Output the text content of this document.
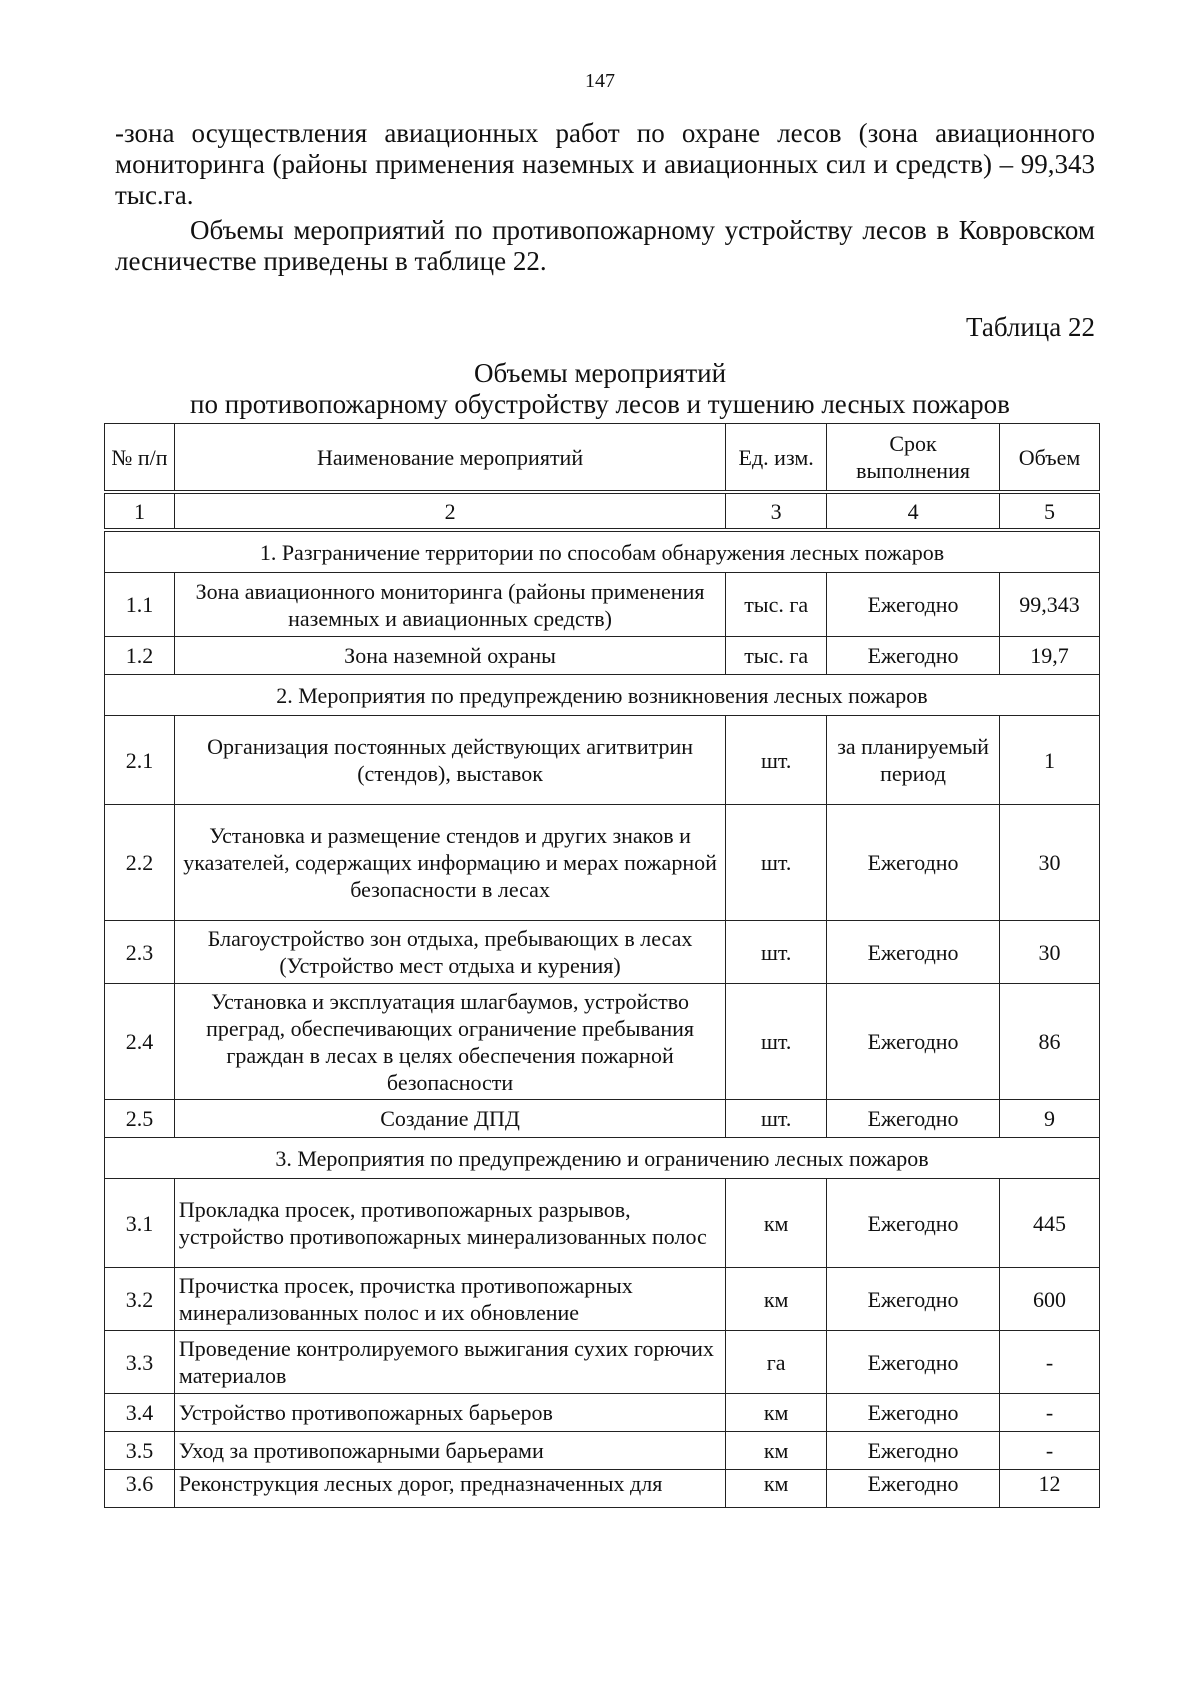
147

-зона осуществления авиационных работ по охране лесов (зона авиационного мониторинга (районы применения наземных и авиационных сил и средств) – 99,343 тыс.га.

Объемы мероприятий по противопожарному устройству лесов в Ковровском лесничестве приведены в таблице 22.

Таблица 22
Объемы мероприятий
по противопожарному обустройству лесов и тушению лесных пожаров
№ п/п	Наименование мероприятий	Ед. изм.	Срок выполнения	Объем
1	2	3	4	5
1. Разграничение территории по способам обнаружения лесных пожаров				
1.1	Зона авиационного мониторинга (районы применения наземных и авиационных средств)	тыс. га	Ежегодно	99,343
1.2	Зона наземной охраны	тыс. га	Ежегодно	19,7
2. Мероприятия по предупреждению возникновения лесных пожаров				
2.1	Организация постоянных действующих агитвитрин (стендов), выставок	шт.	за планируемый период	1
2.2	Установка и размещение стендов и других знаков и указателей, содержащих информацию и мерах пожарной безопасности в лесах	шт.	Ежегодно	30
2.3	Благоустройство зон отдыха, пребывающих в лесах (Устройство мест отдыха и курения)	шт.	Ежегодно	30
2.4	Установка и эксплуатация шлагбаумов, устройство преград, обеспечивающих ограничение пребывания граждан в лесах в целях обеспечения пожарной безопасности	шт.	Ежегодно	86
2.5	Создание ДПД	шт.	Ежегодно	9
3. Мероприятия по предупреждению и ограничению лесных пожаров				
3.1	Прокладка просек, противопожарных разрывов, устройство противопожарных минерализованных полос	км	Ежегодно	445
3.2	Прочистка просек, прочистка противопожарных минерализованных полос и их обновление	км	Ежегодно	600
3.3	Проведение контролируемого выжигания сухих горючих материалов	га	Ежегодно	-
3.4	Устройство противопожарных барьеров	км	Ежегодно	-
3.5	Уход за противопожарными барьерами	км	Ежегодно	-
3.6	Реконструкция лесных дорог, предназначенных для	км	Ежегодно	12
